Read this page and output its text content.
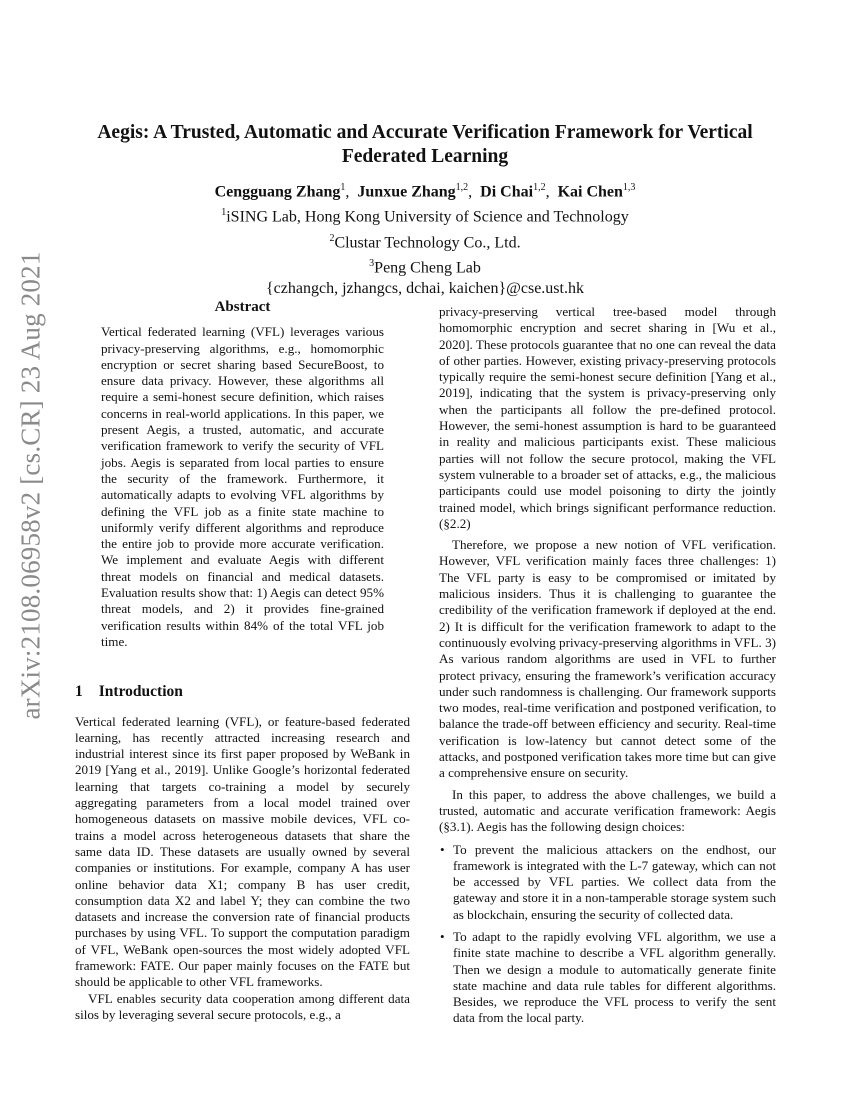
arXiv:2108.06958v2 [cs.CR] 23 Aug 2021
Aegis: A Trusted, Automatic and Accurate Verification Framework for Vertical Federated Learning
Cengguang Zhang$^1$,  Junxue Zhang$^{1,2}$,  Di Chai$^{1,2}$,  Kai Chen$^{1,3}$
$^1$iSING Lab, Hong Kong University of Science and Technology
$^2$Clustar Technology Co., Ltd.
$^3$Peng Cheng Lab
{czhangch, jzhangcs, dchai, kaichen}@cse.ust.hk
Abstract

Vertical federated learning (VFL) leverages various privacy-preserving algorithms, e.g., homomorphic encryption or secret sharing based SecureBoost, to ensure data privacy. However, these algorithms all require a semi-honest secure definition, which raises concerns in real-world applications. In this paper, we present Aegis, a trusted, automatic, and accurate verification framework to verify the security of VFL jobs. Aegis is separated from local parties to ensure the security of the framework. Furthermore, it automatically adapts to evolving VFL algorithms by defining the VFL job as a finite state machine to uniformly verify different algorithms and reproduce the entire job to provide more accurate verification. We implement and evaluate Aegis with different threat models on financial and medical datasets. Evaluation results show that: 1) Aegis can detect 95% threat models, and 2) it provides fine-grained verification results within 84% of the total VFL job time.

1 Introduction

Vertical federated learning (VFL), or feature-based federated learning, has recently attracted increasing research and industrial interest since its first paper proposed by WeBank in 2019 [Yang et al., 2019]. Unlike Google’s horizontal federated learning that targets co-training a model by securely aggregating parameters from a local model trained over homogeneous datasets on massive mobile devices, VFL co-trains a model across heterogeneous datasets that share the same data ID. These datasets are usually owned by several companies or institutions. For example, company A has user online behavior data X1; company B has user credit, consumption data X2 and label Y; they can combine the two datasets and increase the conversion rate of financial products purchases by using VFL. To support the computation paradigm of VFL, WeBank open-sources the most widely adopted VFL framework: FATE. Our paper mainly focuses on the FATE but should be applicable to other VFL frameworks.

VFL enables security data cooperation among different data silos by leveraging several secure protocols, e.g., a

privacy-preserving vertical tree-based model through homomorphic encryption and secret sharing in [Wu et al., 2020]. These protocols guarantee that no one can reveal the data of other parties. However, existing privacy-preserving protocols typically require the semi-honest secure definition [Yang et al., 2019], indicating that the system is privacy-preserving only when the participants all follow the pre-defined protocol. However, the semi-honest assumption is hard to be guaranteed in reality and malicious participants exist. These malicious parties will not follow the secure protocol, making the VFL system vulnerable to a broader set of attacks, e.g., the malicious participants could use model poisoning to dirty the jointly trained model, which brings significant performance reduction. (§2.2)

Therefore, we propose a new notion of VFL verification. However, VFL verification mainly faces three challenges: 1) The VFL party is easy to be compromised or imitated by malicious insiders. Thus it is challenging to guarantee the credibility of the verification framework if deployed at the end. 2) It is difficult for the verification framework to adapt to the continuously evolving privacy-preserving algorithms in VFL. 3) As various random algorithms are used in VFL to further protect privacy, ensuring the framework’s verification accuracy under such randomness is challenging. Our framework supports two modes, real-time verification and postponed verification, to balance the trade-off between efficiency and security. Real-time verification is low-latency but cannot detect some of the attacks, and postponed verification takes more time but can give a comprehensive ensure on security.

In this paper, to address the above challenges, we build a trusted, automatic and accurate verification framework: Aegis (§3.1). Aegis has the following design choices:

• To prevent the malicious attackers on the endhost, our framework is integrated with the L-7 gateway, which can not be accessed by VFL parties. We collect data from the gateway and store it in a non-tamperable storage system such as blockchain, ensuring the security of collected data.
• To adapt to the rapidly evolving VFL algorithm, we use a finite state machine to describe a VFL algorithm generally. Then we design a module to automatically generate finite state machine and data rule tables for different algorithms. Besides, we reproduce the VFL process to verify the sent data from the local party.
